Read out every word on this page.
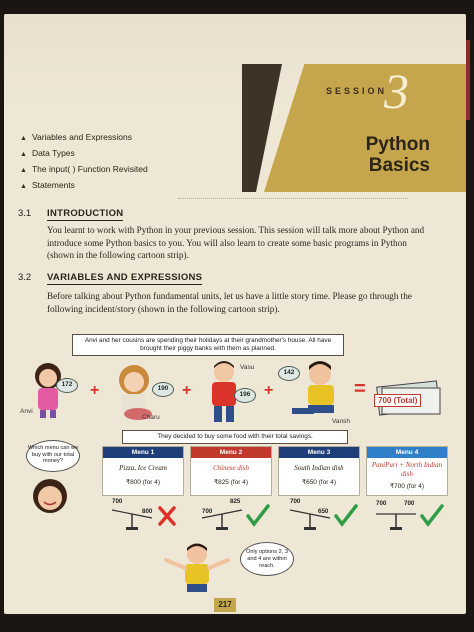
SESSION
3
Python
Basics
▲ Variables and Expressions
▲ Data Types
▲ The input( ) Function Revisited
▲ Statements
3.1 INTRODUCTION

You learnt to work with Python in your previous session. This session will talk more about Python and introduce some Python basics to you. You will also learn to create some basic programs in Python (shown in the following cartoon strip).

3.2 VARIABLES AND EXPRESSIONS

Before talking about Python fundamental units, let us have a little story time. Please go through the following incident/story (shown in the following cartoon strip).

Anvi and her cousins are spending their holidays at their grandmother's house. All have brought their piggy banks with them as planned.
172
Anvi
+	190
Charu
+
Vasu
196 +
142
Vansh
=
700 (Total)
They decided to buy some food with their total savings.
Which menu can we buy with our total money?
Menu 1
Pizza, Ice Cream
₹800 (for 4)
Menu 2
Chinese dish
₹825 (for 4)
Menu 3
South Indian dish
₹650 (for 4)
Menu 4
PaniPuri + North Indian dish
₹700 (for 4)
700
800	700
825	700
650
700	700
Only options 2, 3 and 4 are within reach.
217
